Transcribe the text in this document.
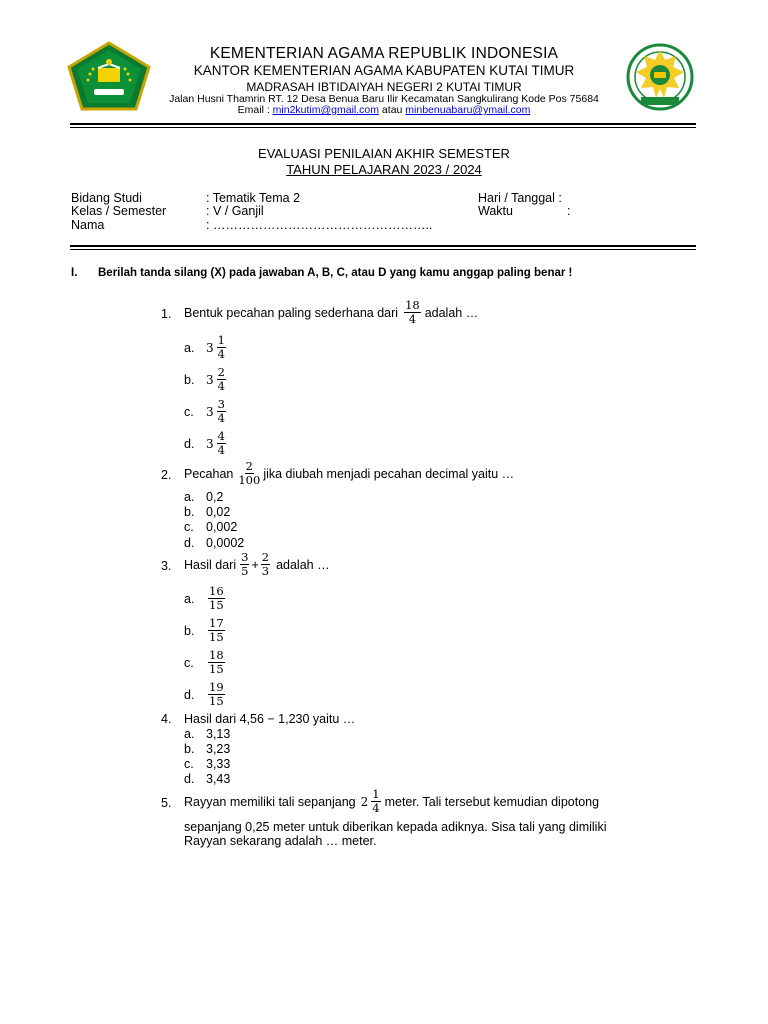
KEMENTERIAN AGAMA REPUBLIK INDONESIA
KANTOR KEMENTERIAN AGAMA KABUPATEN KUTAI TIMUR
MADRASAH IBTIDAIYAH NEGERI 2 KUTAI TIMUR
Jalan Husni Thamrin RT. 12 Desa Benua Baru Ilir Kecamatan Sangkulirang Kode Pos 75684
Email : min2kutim@gmail.com atau minbenuabaru@ymail.com
EVALUASI PENILAIAN AKHIR SEMESTER
TAHUN PELAJARAN 2023 / 2024
Bidang Studi	: Tematik Tema 2
Kelas / Semester	: V / Ganjil
Nama	: ……………………………………………..
Hari / Tanggal :
Waktu	:
I. Berilah tanda silang (X) pada jawaban A, B, C, atau D yang kamu anggap paling benar !
1. Bentuk pecahan paling sederhana dari $\frac{18}{4}$ adalah …
a. $3 \frac{1}{4}$
b. $3 \frac{2}{4}$
c.	$3 \frac{3}{4}$
d. $3 \frac{4}{4}$
2. Pecahan $\frac{2}{100}$ jika diubah menjadi pecahan decimal yaitu …
a. 0,2
b. 0,02
c. 0,002
d. 0,0002
3. Hasil dari $\frac{3}{5} + \frac{2}{3}$ adalah …
a.	$\frac{16}{15}$
b.	$\frac{17}{15}$
c.	$\frac{18}{15}$
d.	$\frac{19}{15}$
4. Hasil dari 4,56 − 1,230 yaitu …
a. 3,13
b. 3,23
c. 3,33
d. 3,43
5. Rayyan memiliki tali sepanjang $2 \frac{1}{4}$ meter. Tali tersebut kemudian dipotong
sepanjang 0,25 meter untuk diberikan kepada adiknya. Sisa tali yang dimiliki
Rayyan sekarang adalah … meter.
